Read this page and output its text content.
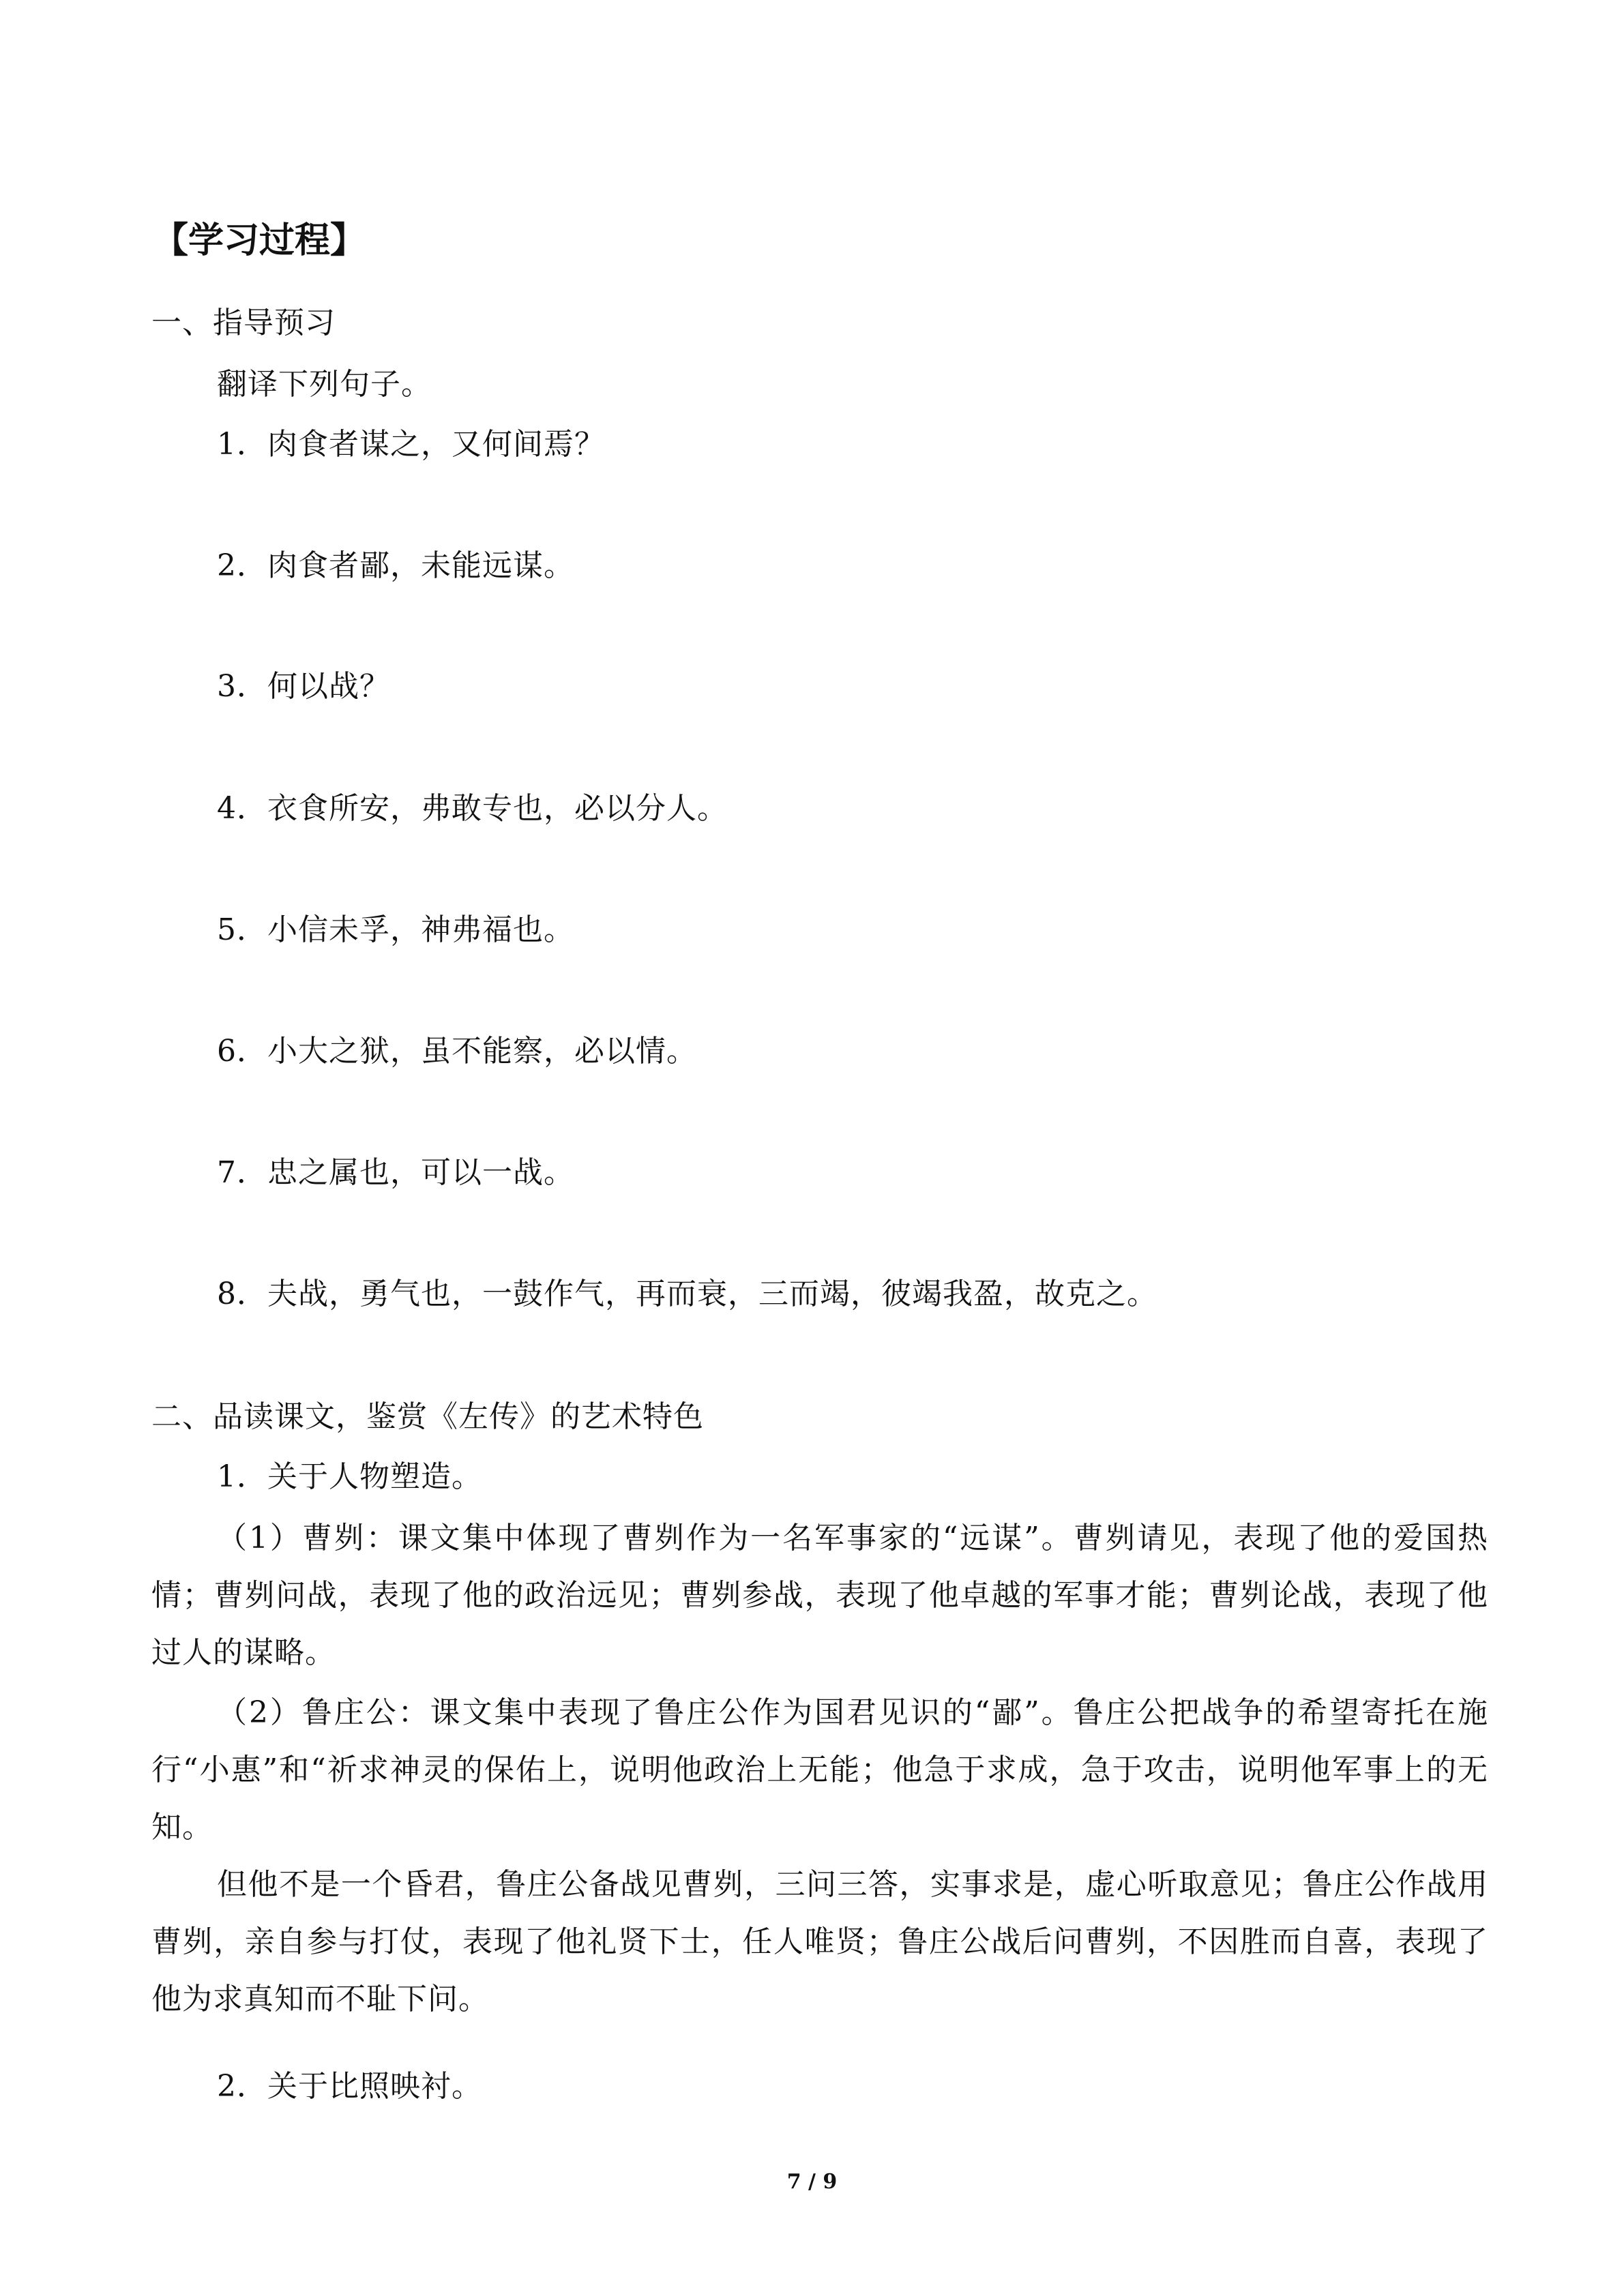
【学习过程】
一、指导预习
翻译下列句子。
1．肉食者谋之，又何间焉？
2．肉食者鄙，未能远谋。
3．何以战？
4．衣食所安，弗敢专也，必以分人。
5．小信未孚，神弗福也。
6．小大之狱，虽不能察，必以情。
7．忠之属也，可以一战。
8．夫战，勇气也，一鼓作气，再而衰，三而竭，彼竭我盈，故克之。
二、品读课文，鉴赏《左传》的艺术特色
1．关于人物塑造。
（1）曹刿：课文集中体现了曹刿作为一名军事家的“远谋”。曹刿请见，表现了他的爱国热情；曹刿问战，表现了他的政治远见；曹刿参战，表现了他卓越的军事才能；曹刿论战，表现了他过人的谋略。
（2）鲁庄公：课文集中表现了鲁庄公作为国君见识的“鄙”。鲁庄公把战争的希望寄托在施行“小惠”和“祈求神灵的保佑上，说明他政治上无能；他急于求成，急于攻击，说明他军事上的无知。
但他不是一个昏君，鲁庄公备战见曹刿，三问三答，实事求是，虚心听取意见；鲁庄公作战用曹刿，亲自参与打仗，表现了他礼贤下士，任人唯贤；鲁庄公战后问曹刿，不因胜而自喜，表现了他为求真知而不耻下问。
2．关于比照映衬。
7 / 9
